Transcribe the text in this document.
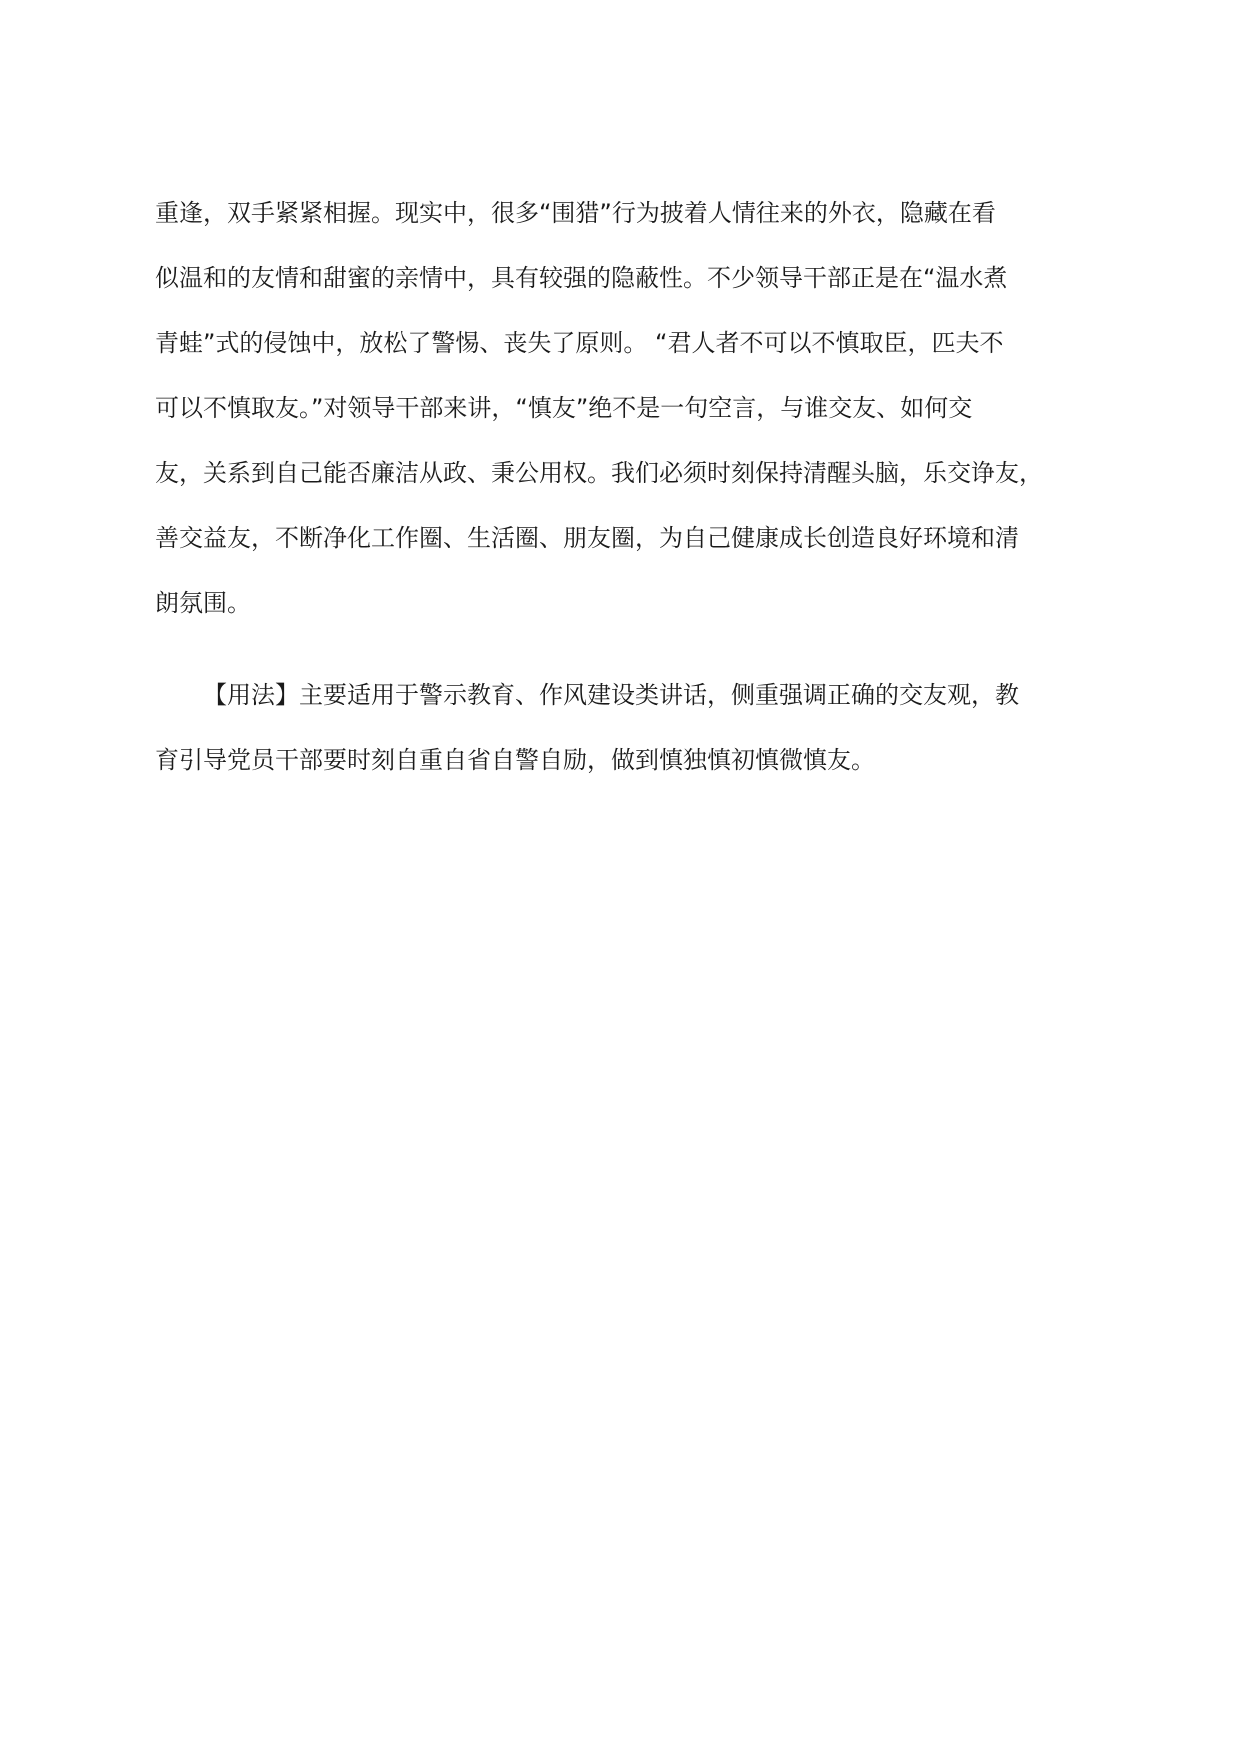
重逢，双手紧紧相握。现实中，很多“围猎”行为披着人情往来的外衣，隐藏在看
似温和的友情和甜蜜的亲情中，具有较强的隐蔽性。不少领导干部正是在“温水煮
青蛙”式的侵蚀中，放松了警惕、丧失了原则。 “君人者不可以不慎取臣，匹夫不
可以不慎取友。”对领导干部来讲，“慎友”绝不是一句空言，与谁交友、如何交
友，关系到自己能否廉洁从政、秉公用权。我们必须时刻保持清醒头脑，乐交诤友，
善交益友，不断净化工作圈、生活圈、朋友圈，为自己健康成长创造良好环境和清
朗氛围。
【用法】主要适用于警示教育、作风建设类讲话，侧重强调正确的交友观，教
育引导党员干部要时刻自重自省自警自励，做到慎独慎初慎微慎友。
